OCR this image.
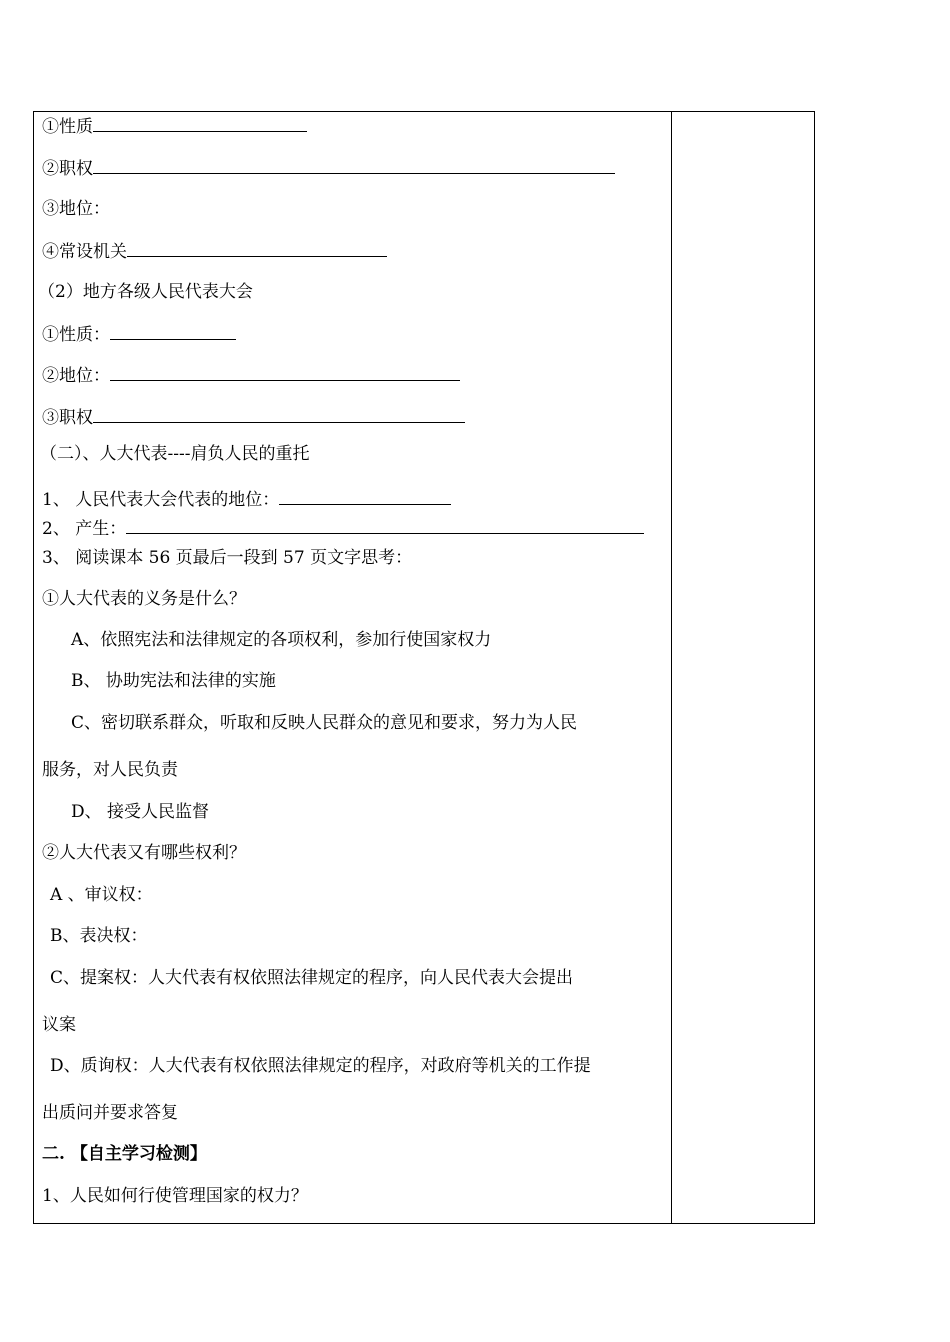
①性质
②职权
③地位：
④常设机关
（2）地方各级人民代表大会
①性质：
②地位：
③职权
（二）、人大代表----肩负人民的重托
1、 人民代表大会代表的地位：
2、 产生：
3、 阅读课本 56 页最后一段到 57 页文字思考：
①人大代表的义务是什么？
A、依照宪法和法律规定的各项权利，参加行使国家权力
B、 协助宪法和法律的实施
C、密切联系群众，听取和反映人民群众的意见和要求，努力为人民
服务，对人民负责
D、 接受人民监督
②人大代表又有哪些权利？
A 、审议权：
B、表决权：
C、提案权：人大代表有权依照法律规定的程序，向人民代表大会提出
议案
D、质询权：人大代表有权依照法律规定的程序，对政府等机关的工作提
出质问并要求答复
二. 【自主学习检测】
1、人民如何行使管理国家的权力？
